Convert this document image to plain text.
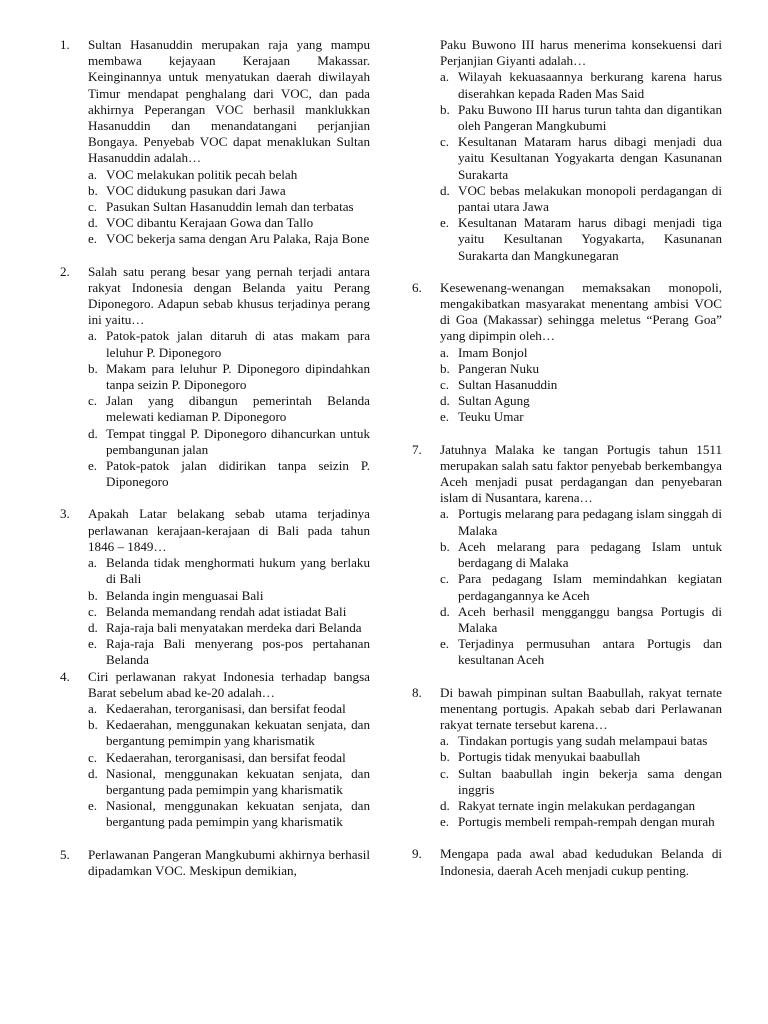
1. Sultan Hasanuddin merupakan raja yang mampu membawa kejayaan Kerajaan Makassar. Keinginannya untuk menyatukan daerah diwilayah Timur mendapat penghalang dari VOC, dan pada akhirnya Peperangan VOC berhasil manklukkan Hasanuddin dan menandatangani perjanjian Bongaya. Penyebab VOC dapat menaklukan Sultan Hasanuddin adalah…
a. VOC melakukan politik pecah belah
b. VOC didukung pasukan dari Jawa
c. Pasukan Sultan Hasanuddin lemah dan terbatas
d. VOC dibantu Kerajaan Gowa dan Tallo
e. VOC bekerja sama dengan Aru Palaka, Raja Bone
2. Salah satu perang besar yang pernah terjadi antara rakyat Indonesia dengan Belanda yaitu Perang Diponegoro. Adapun sebab khusus terjadinya perang ini yaitu…
a. Patok-patok jalan ditaruh di atas makam para leluhur P. Diponegoro
b. Makam para leluhur P. Diponegoro dipindahkan tanpa seizin P. Diponegoro
c. Jalan yang dibangun pemerintah Belanda melewati kediaman P. Diponegoro
d. Tempat tinggal P. Diponegoro dihancurkan untuk pembangunan jalan
e. Patok-patok jalan didirikan tanpa seizin P. Diponegoro
3. Apakah Latar belakang sebab utama terjadinya perlawanan kerajaan-kerajaan di Bali pada tahun 1846 – 1849…
a. Belanda tidak menghormati hukum yang berlaku di Bali
b. Belanda ingin menguasai Bali
c. Belanda memandang rendah adat istiadat Bali
d. Raja-raja bali menyatakan merdeka dari Belanda
e. Raja-raja Bali menyerang pos-pos pertahanan Belanda
4. Ciri perlawanan rakyat Indonesia terhadap bangsa Barat sebelum abad ke-20 adalah…
a. Kedaerahan, terorganisasi, dan bersifat feodal
b. Kedaerahan, menggunakan kekuatan senjata, dan bergantung pemimpin yang kharismatik
c. Kedaerahan, terorganisasi, dan bersifat feodal
d. Nasional, menggunakan kekuatan senjata, dan bergantung pada pemimpin yang kharismatik
e. Nasional, menggunakan kekuatan senjata, dan bergantung pada pemimpin yang kharismatik
5. Perlawanan Pangeran Mangkubumi akhirnya berhasil dipadamkan VOC. Meskipun demikian,
Paku Buwono III harus menerima konsekuensi dari Perjanjian Giyanti adalah…
a. Wilayah kekuasaannya berkurang karena harus diserahkan kepada Raden Mas Said
b. Paku Buwono III harus turun tahta dan digantikan oleh Pangeran Mangkubumi
c. Kesultanan Mataram harus dibagi menjadi dua yaitu Kesultanan Yogyakarta dengan Kasunanan Surakarta
d. VOC bebas melakukan monopoli perdagangan di pantai utara Jawa
e. Kesultanan Mataram harus dibagi menjadi tiga yaitu Kesultanan Yogyakarta, Kasunanan Surakarta dan Mangkunegaran
6. Kesewenang-wenangan memaksakan monopoli, mengakibatkan masyarakat menentang ambisi VOC di Goa (Makassar) sehingga meletus “Perang Goa” yang dipimpin oleh…
a. Imam Bonjol
b. Pangeran Nuku
c. Sultan Hasanuddin
d. Sultan Agung
e. Teuku Umar
7. Jatuhnya Malaka ke tangan Portugis tahun 1511 merupakan salah satu faktor penyebab berkembangya Aceh menjadi pusat perdagangan dan penyebaran islam di Nusantara, karena…
a. Portugis melarang para pedagang islam singgah di Malaka
b. Aceh melarang para pedagang Islam untuk berdagang di Malaka
c. Para pedagang Islam memindahkan kegiatan perdagangannya ke Aceh
d. Aceh berhasil mengganggu bangsa Portugis di Malaka
e. Terjadinya permusuhan antara Portugis dan kesultanan Aceh
8. Di bawah pimpinan sultan Baabullah, rakyat ternate menentang portugis. Apakah sebab dari Perlawanan rakyat ternate tersebut karena…
a. Tindakan portugis yang sudah melampaui batas
b. Portugis tidak menyukai baabullah
c. Sultan baabullah ingin bekerja sama dengan inggris
d. Rakyat ternate ingin melakukan perdagangan
e. Portugis membeli rempah-rempah dengan murah
9. Mengapa pada awal abad kedudukan Belanda di Indonesia, daerah Aceh menjadi cukup penting.
